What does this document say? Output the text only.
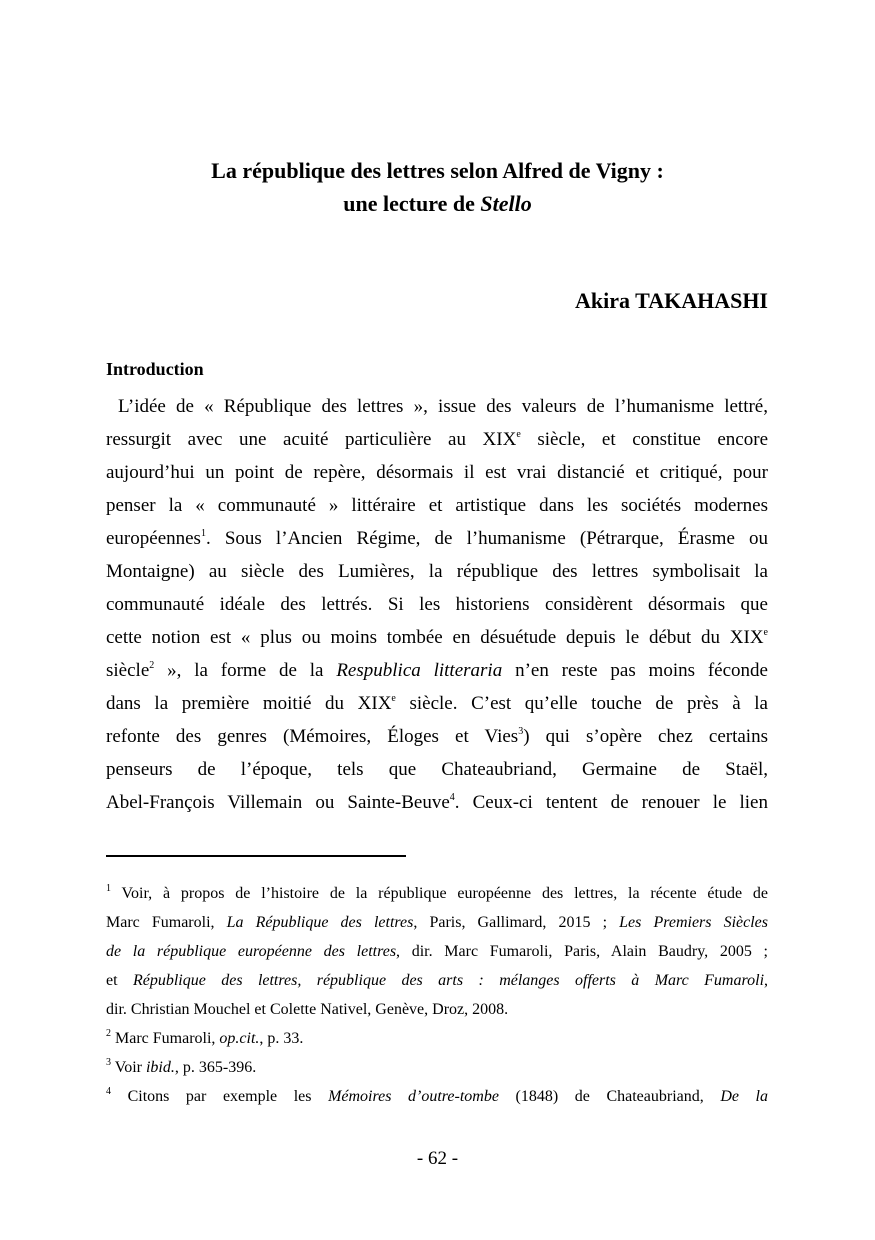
La république des lettres selon Alfred de Vigny :
une lecture de Stello
Akira TAKAHASHI
Introduction
L’idée de « République des lettres », issue des valeurs de l’humanisme lettré,
ressurgit avec une acuité particulière au XIXe siècle, et constitue encore
aujourd’hui un point de repère, désormais il est vrai distancié et critiqué, pour
penser la « communauté » littéraire et artistique dans les sociétés modernes
européennes$^1$. Sous l’Ancien Régime, de l’humanisme (Pétrarque, Érasme ou
Montaigne) au siècle des Lumières, la république des lettres symbolisait la
communauté idéale des lettrés. Si les historiens considèrent désormais que
cette notion est « plus ou moins tombée en désuétude depuis le début du XIXe
siècle$^2$ », la forme de la Respublica litteraria n’en reste pas moins féconde
dans la première moitié du XIXe siècle. C’est qu’elle touche de près à la
refonte des genres (Mémoires, Éloges et Vies$^3$) qui s’opère chez certains
penseurs de l’époque, tels que Chateaubriand, Germaine de Staël,
Abel-François Villemain ou Sainte-Beuve$^4$. Ceux-ci tentent de renouer le lien
$^1$ Voir, à propos de l’histoire de la république européenne des lettres, la récente étude de
Marc Fumaroli, La République des lettres, Paris, Gallimard, 2015 ; Les Premiers Siècles
de la république européenne des lettres, dir. Marc Fumaroli, Paris, Alain Baudry, 2005 ;
et République des lettres, république des arts : mélanges offerts à Marc Fumaroli,
dir. Christian Mouchel et Colette Nativel, Genève, Droz, 2008.
$^2$ Marc Fumaroli, op.cit., p. 33.
$^3$ Voir ibid., p. 365-396.
$^4$ Citons par exemple les Mémoires d’outre-tombe (1848) de Chateaubriand, De la
- 62 -
